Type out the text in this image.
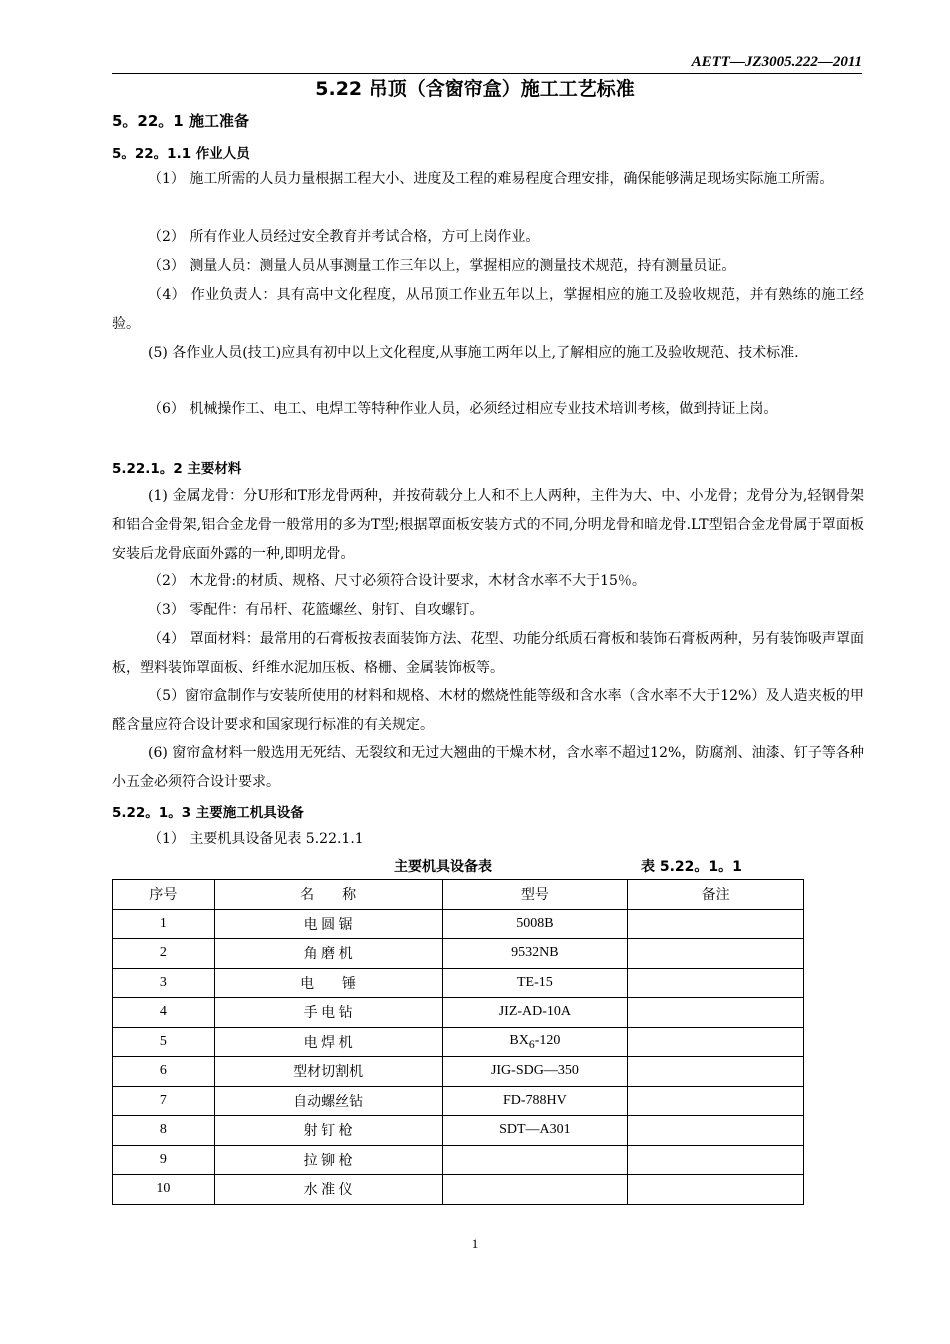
AETT—JZ3005.222—2011
5.22 吊顶（含窗帘盒）施工工艺标准
5。22。1 施工准备
5。22。1.1 作业人员
（1） 施工所需的人员力量根据工程大小、进度及工程的难易程度合理安排，确保能够满足现场实际施工所需。
（2） 所有作业人员经过安全教育并考试合格，方可上岗作业。
（3） 测量人员：测量人员从事测量工作三年以上，掌握相应的测量技术规范，持有测量员证。
（4） 作业负责人：具有高中文化程度，从吊顶工作业五年以上，掌握相应的施工及验收规范，并有熟练的施工经验。
(5) 各作业人员(技工)应具有初中以上文化程度,从事施工两年以上,了解相应的施工及验收规范、技术标准.
（6） 机械操作工、电工、电焊工等特种作业人员，必须经过相应专业技术培训考核，做到持证上岗。
5.22.1。2 主要材料
(1) 金属龙骨：分U形和T形龙骨两种，并按荷载分上人和不上人两种，主件为大、中、小龙骨；龙骨分为,轻钢骨架和铝合金骨架,铝合金龙骨一般常用的多为T型;根据罩面板安装方式的不同,分明龙骨和暗龙骨.LT型铝合金龙骨属于罩面板安装后龙骨底面外露的一种,即明龙骨。
（2） 木龙骨:的材质、规格、尺寸必须符合设计要求，木材含水率不大于15％。
（3） 零配件：有吊杆、花篮螺丝、射钉、自攻螺钉。
（4） 罩面材料：最常用的石膏板按表面装饰方法、花型、功能分纸质石膏板和装饰石膏板两种，另有装饰吸声罩面板，塑料装饰罩面板、纤维水泥加压板、格栅、金属装饰板等。
（5）窗帘盒制作与安装所使用的材料和规格、木材的燃烧性能等级和含水率（含水率不大于12%）及人造夹板的甲醛含量应符合设计要求和国家现行标准的有关规定。
(6) 窗帘盒材料一般选用无死结、无裂纹和无过大翘曲的干燥木材，含水率不超过12%，防腐剂、油漆、钉子等各种小五金必须符合设计要求。
5.22。1。3 主要施工机具设备
（1） 主要机具设备见表 5.22.1.1
主要机具设备表	表 5.22。1。1
序号	名　　称	型号	备注
1	电 圆 锯	5008B	
2	角 磨 机	9532NB	
3	电　　锤	TE-15	
4	手 电 钻	JIZ-AD-10A	
5	电 焊 机	$BX_6-120$	
6	型材切割机	JIG-SDG—350	
7	自动螺丝钻	FD-788HV	
8	射 钉 枪	SDT—A301	
9	拉 铆 枪		
10	水 准 仪		
1
